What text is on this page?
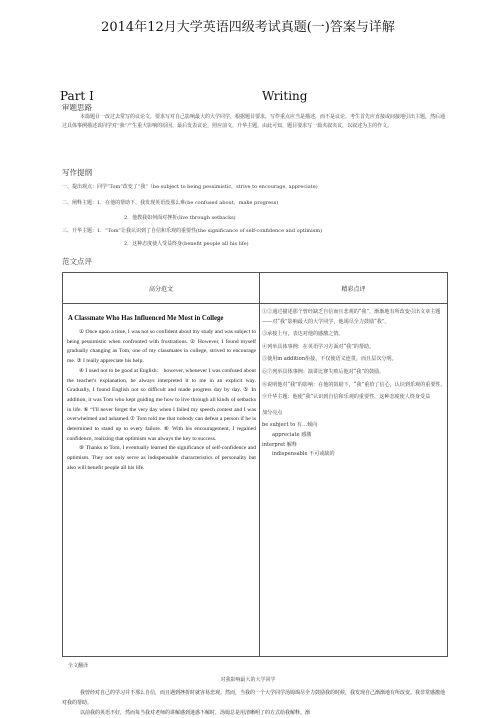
2014年12月大学英语四级考试真题(一)答案与详解
Part Ⅰ	Writing
审题思路
本篇题目一改过去常写的议论文，要求写对自己影响最大的大学同学，根据题目要求，写作重点应当是描述，而不是议论。考生首先应直接或间接地引出主题，然后通过具体事例描述该同学对“我”产生重大影响的原因，最后发表议论，照应前文，升华主题。由此可知，题目要求写一篇夹叙夹议，以叙述为主的作文。
写作提纲
一、提出观点：同学“Tom”改变了“我”（be subject to being pessimistic，strive to encourage, appreciate)
二、阐释主题：1．在他的帮助下，我发现英语没那么难(be confused about，make progress)
2．他教我如何面对挫折(live through setbacks)
三、升华主题：1．“Tom”让我认识到了自信和乐观的重要性(the significance of self-confidence and optimism)
2．这种态度使人受益终身(benefit people all his life)
范文点评
高分范文	精彩点评
A Classmate Who Has Influenced Me Most in College

① Once upon a time, I was not so confident about my study and was subject to being pessimistic when confronted with frustrations. ② However, I found myself gradually changing as Tom, one of my classmates in college, strived to encourage me. ③ I really appreciate his help.

④ I used not to be good at English： however, whenever I was confused about the teacher's explanation, he always interpreted it to me in an explicit way. Gradually, I found English not so difficult and made progress day by day. ⑤ In addition, it was Tom who kept guiding me how to live through all kinds of setbacks in life. ⑥ “I'll never forget the very day when I failed my speech contest and I was overwhelmed and ashamed.⑦ Tom told me that nobody can defeat a person if he is determined to stand up to every failure. ⑧ With his encouragement, I regained confidence, realizing that optimism was always the key to success.

⑨ Thanks to Tom, I eventually learned the significance of self-confidence and optimism. They not only serve as indispensable characteristics of personality but also will benefit people all his life.

①②通过描述那个曾经缺乏自信而且悲观的“我”，渐渐地有所改变引出文章主题——对“我”影响最大的大学同学，他竭尽全力鼓励“我”。

③承接上句，表达对他的感激之情。

④列举具体事例：在英语学习方面对“我”的帮助。

⑤使用in addition衔接，不仅使语义连贯，而且层次分明。

⑥⑦列举具体事例：演讲比赛失败后他对“我”的鼓励。

⑧说明他对“我”的影响：在他的鼓励下，“我”重拾了信心，认识到乐观的重要性。

⑨升华主题：他使“我”认识到自信和乐观的重要性，这种态度使人终身受益

加分亮点

be subject to 有…倾向

appreciate 感激

interpret 解释

indispensable 不可或缺的

全文翻译
对我影响最大的大学同学
我曾经对自己的学习并不那么自信，而且遇到挫折时就容易悲观。然而，当我的一个大学同学汤姆竭尽全力鼓励我的时候，我发现自己渐渐地有所改变。我非常感激他对我的帮助。
以前我的英语不好，然而每当我对老师的讲解感到迷惑不解时，汤姆总是用清晰明了的方式给我解释。渐
